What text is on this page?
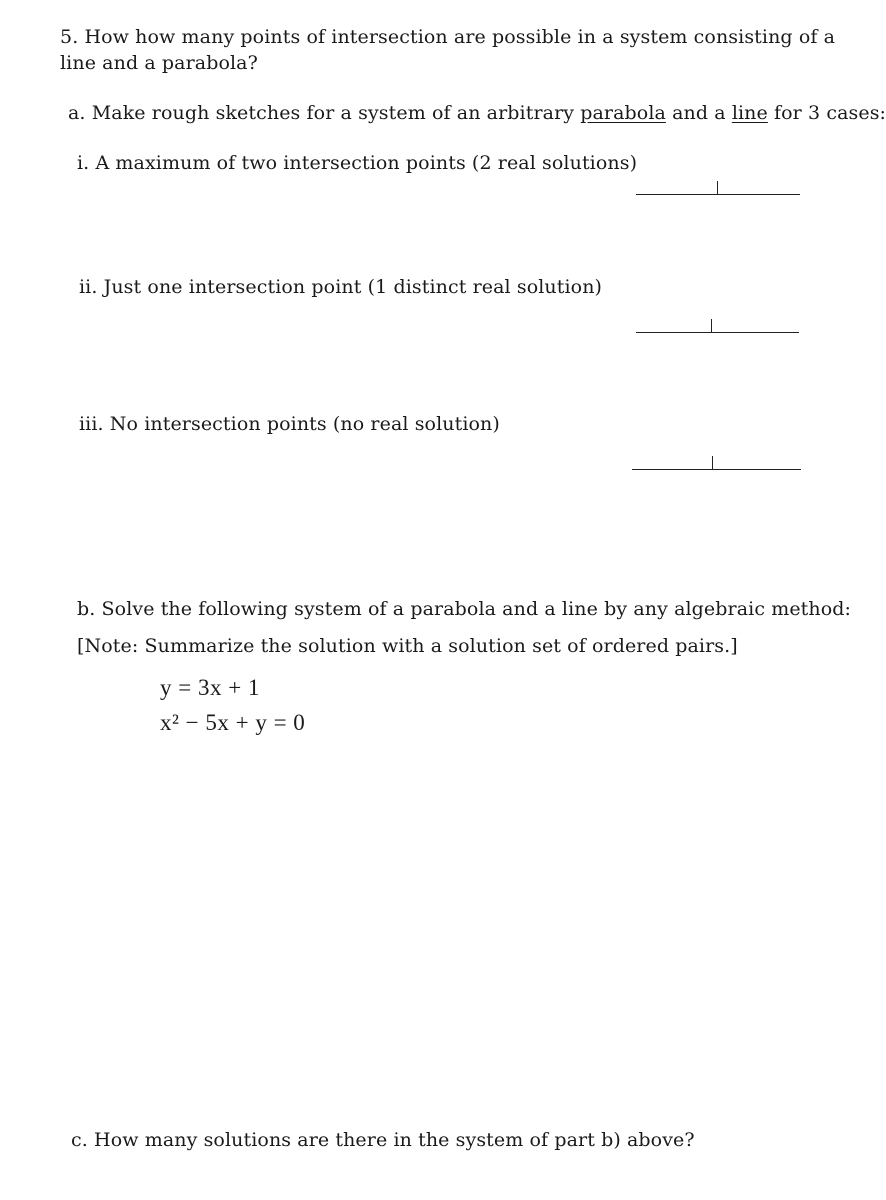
5. How how many points of intersection are possible in a system consisting of a line and a parabola?
a. Make rough sketches for a system of an arbitrary parabola and a line for 3 cases:
i. A maximum of two intersection points (2 real solutions)
ii. Just one intersection point (1 distinct real solution)
iii. No intersection points (no real solution)
b. Solve the following system of a parabola and a line by any algebraic method:
[Note: Summarize the solution with a solution set of ordered pairs.]
y = 3x + 1
x² − 5x + y = 0
c. How many solutions are there in the system of part b) above?
